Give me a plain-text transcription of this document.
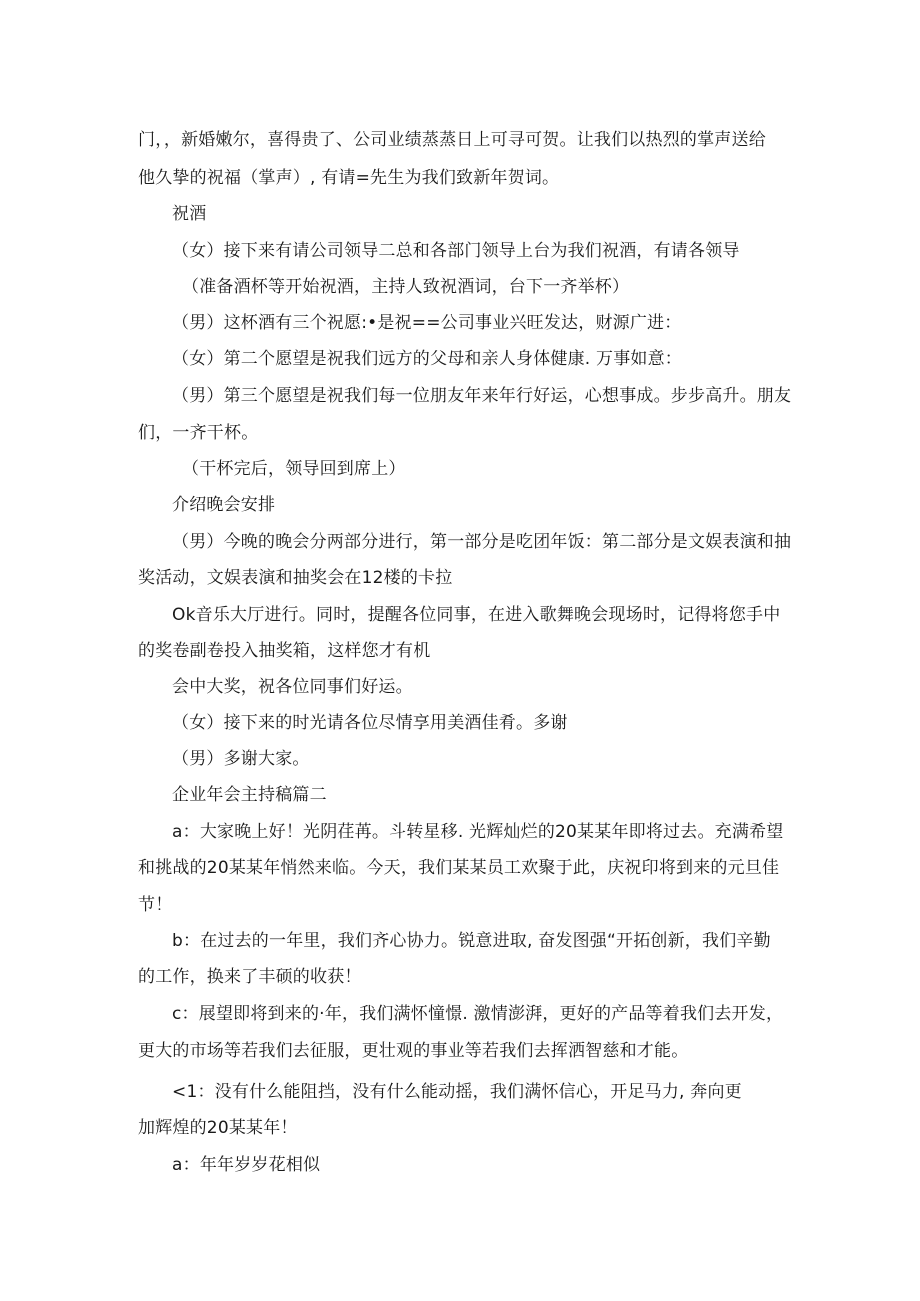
门，，新婚嫩尔，喜得贵了、公司业绩蒸蒸日上可寻可贺。让我们以热烈的掌声送给
他久挚的祝福（掌声）, 有请=先生为我们致新年贺词。
祝酒
（女）接下来有请公司领导二总和各部门领导上台为我们祝酒，有请各领导
（准备酒杯等开始祝酒，主持人致祝酒词，台下一齐举杯）
（男）这杯酒有三个祝愿:•是祝==公司事业兴旺发达，财源广进：
（女）第二个愿望是祝我们远方的父母和亲人身体健康. 万事如意：
（男）第三个愿望是祝我们每一位朋友年来年行好运，心想事成。步步高升。朋友
们，一齐干杯。
（干杯完后，领导回到席上）
介绍晚会安排
（男）今晚的晚会分两部分进行，第一部分是吃团年饭：第二部分是文娱表演和抽
奖活动，文娱表演和抽奖会在12楼的卡拉
Ok音乐大厅进行。同时，提醒各位同事，在进入歌舞晚会现场时，记得将您手中
的奖卷副卷投入抽奖箱，这样您才有机
会中大奖，祝各位同事们好运。
（女）接下来的时光请各位尽情享用美酒佳肴。多谢
（男）多谢大家。
企业年会主持稿篇二
a：大家晚上好！光阴荏苒。斗转星移. 光辉灿烂的20某某年即将过去。充满希望
和挑战的20某某年悄然来临。今天，我们某某员工欢聚于此，庆祝印将到来的元旦佳
节！
b：在过去的一年里，我们齐心协力。锐意进取, 奋发图强“开拓创新，我们辛勤
的工作，换来了丰硕的收获！
c：展望即将到来的·年，我们满怀憧憬. 激情澎湃，更好的产品等着我们去开发，
更大的市场等若我们去征服，更壮观的事业等若我们去挥洒智慈和才能。
<1：没有什么能阻挡，没有什么能动摇，我们满怀信心，开足马力, 奔向更
加辉煌的20某某年！
a：年年岁岁花相似
